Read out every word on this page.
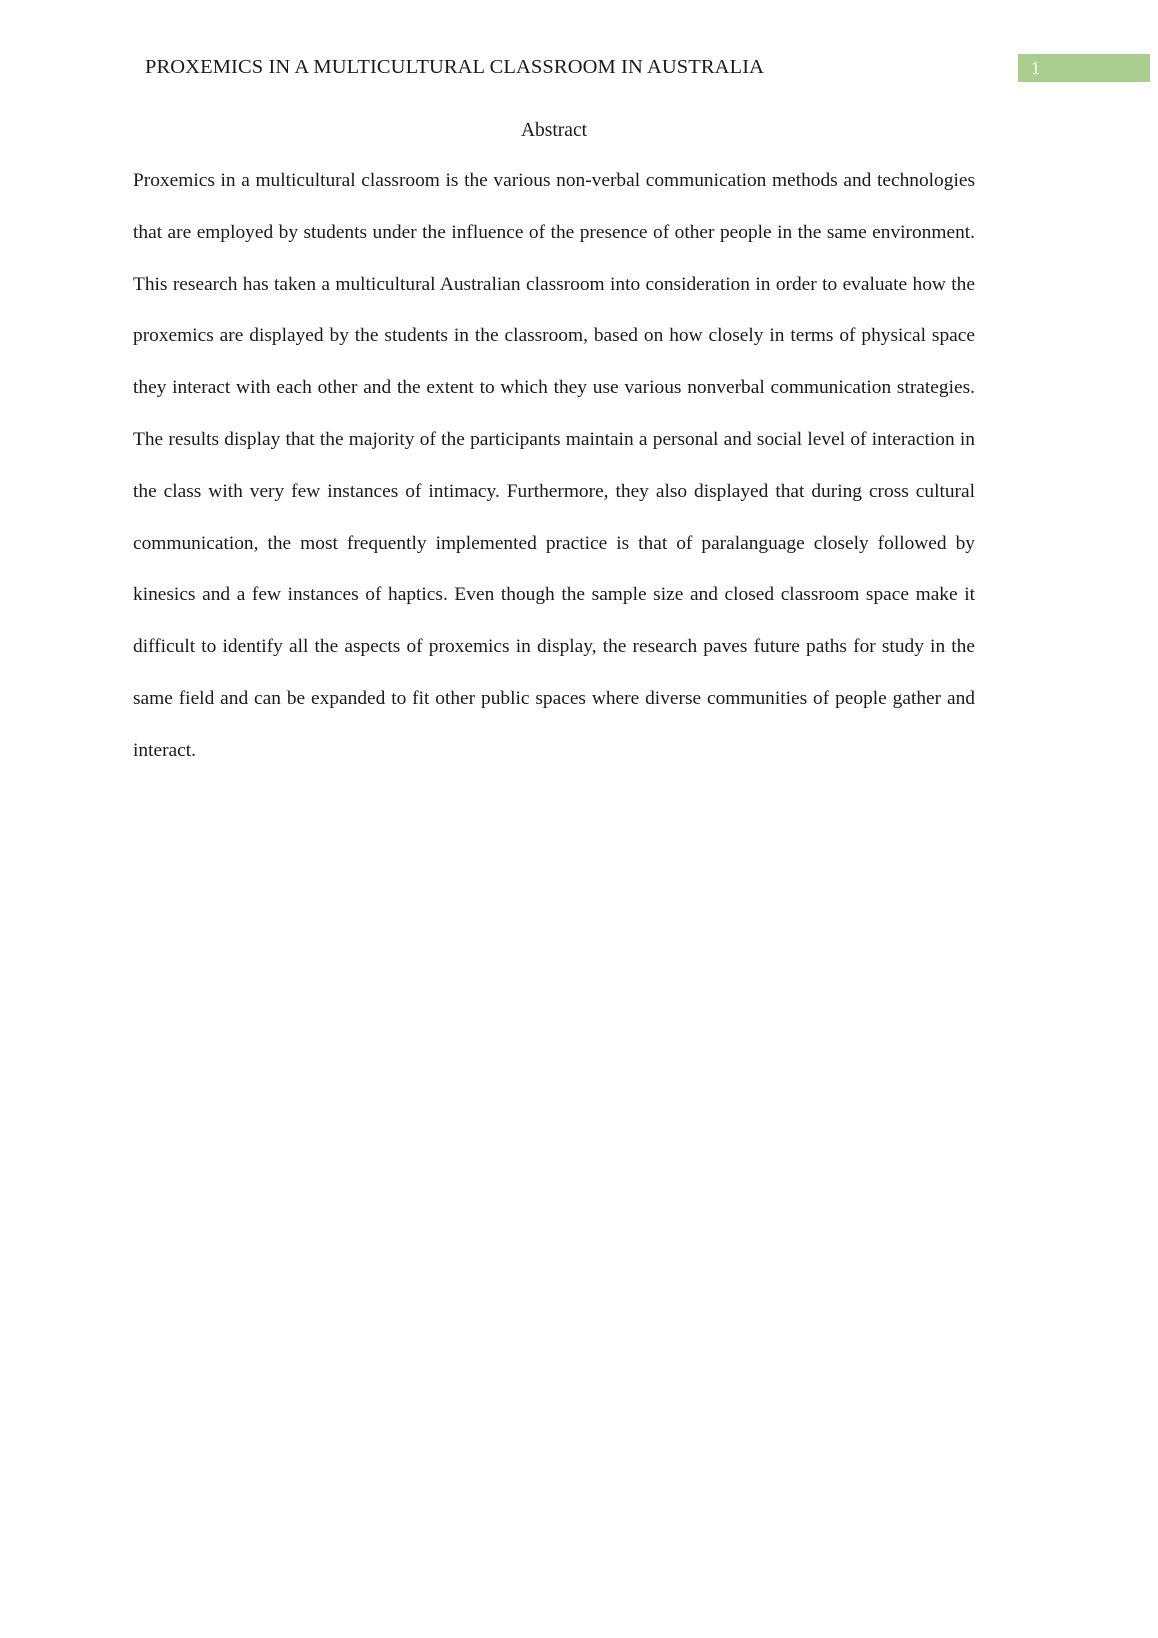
PROXEMICS IN A MULTICULTURAL CLASSROOM IN AUSTRALIA	1
Abstract

Proxemics in a multicultural classroom is the various non-verbal communication methods and technologies that are employed by students under the influence of the presence of other people in the same environment. This research has taken a multicultural Australian classroom into consideration in order to evaluate how the proxemics are displayed by the students in the classroom, based on how closely in terms of physical space they interact with each other and the extent to which they use various nonverbal communication strategies. The results display that the majority of the participants maintain a personal and social level of interaction in the class with very few instances of intimacy. Furthermore, they also displayed that during cross cultural communication, the most frequently implemented practice is that of paralanguage closely followed by kinesics and a few instances of haptics. Even though the sample size and closed classroom space make it difficult to identify all the aspects of proxemics in display, the research paves future paths for study in the same field and can be expanded to fit other public spaces where diverse communities of people gather and interact.
